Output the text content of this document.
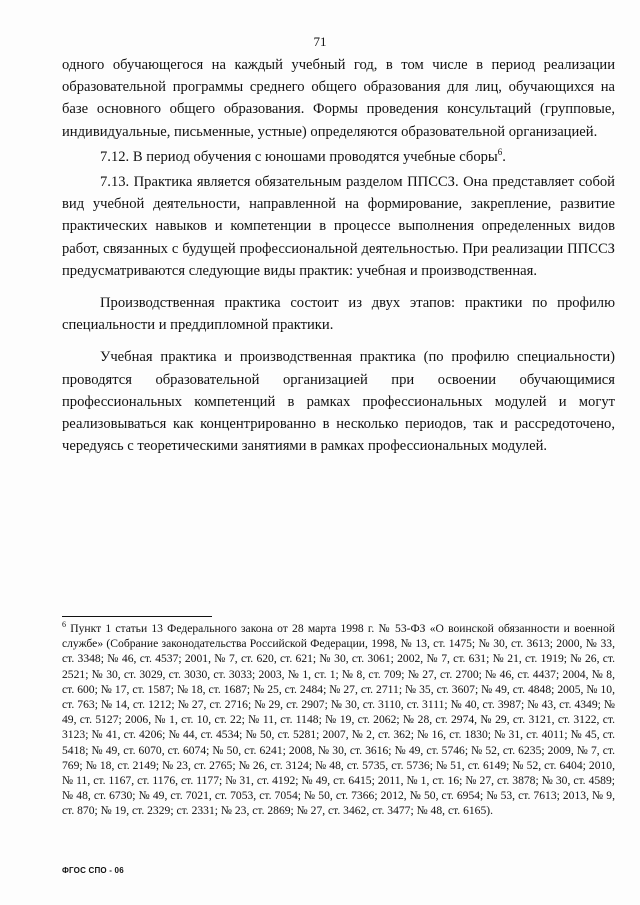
71

одного обучающегося на каждый учебный год, в том числе в период реализации образовательной программы среднего общего образования для лиц, обучающихся на базе основного общего образования. Формы проведения консультаций (групповые, индивидуальные, письменные, устные) определяются образовательной организацией.

7.12. В период обучения с юношами проводятся учебные сборы$^6$.

7.13. Практика является обязательным разделом ППССЗ. Она представляет собой вид учебной деятельности, направленной на формирование, закрепление, развитие практических навыков и компетенции в процессе выполнения определенных видов работ, связанных с будущей профессиональной деятельностью. При реализации ППССЗ предусматриваются следующие виды практик: учебная и производственная.

Производственная практика состоит из двух этапов: практики по профилю специальности и преддипломной практики.

Учебная практика и производственная практика (по профилю специальности) проводятся образовательной организацией при освоении обучающимися профессиональных компетенций в рамках профессиональных модулей и могут реализовываться как концентрированно в несколько периодов, так и рассредоточено, чередуясь с теоретическими занятиями в рамках профессиональных модулей.

$^6$ Пункт 1 статьи 13 Федерального закона от 28 марта 1998 г. № 53-ФЗ «О воинской обязанности и военной службе» (Собрание законодательства Российской Федерации, 1998, № 13, ст. 1475; № 30, ст. 3613; 2000, № 33, ст. 3348; № 46, ст. 4537; 2001, № 7, ст. 620, ст. 621; № 30, ст. 3061; 2002, № 7, ст. 631; № 21, ст. 1919; № 26, ст. 2521; № 30, ст. 3029, ст. 3030, ст. 3033; 2003, № 1, ст. 1; № 8, ст. 709; № 27, ст. 2700; № 46, ст. 4437; 2004, № 8, ст. 600; № 17, ст. 1587; № 18, ст. 1687; № 25, ст. 2484; № 27, ст. 2711; № 35, ст. 3607; № 49, ст. 4848; 2005, № 10, ст. 763; № 14, ст. 1212; № 27, ст. 2716; № 29, ст. 2907; № 30, ст. 3110, ст. 3111; № 40, ст. 3987; № 43, ст. 4349; № 49, ст. 5127; 2006, № 1, ст. 10, ст. 22; № 11, ст. 1148; № 19, ст. 2062; № 28, ст. 2974, № 29, ст. 3121, ст. 3122, ст. 3123; № 41, ст. 4206; № 44, ст. 4534; № 50, ст. 5281; 2007, № 2, ст. 362; № 16, ст. 1830; № 31, ст. 4011; № 45, ст. 5418; № 49, ст. 6070, ст. 6074; № 50, ст. 6241; 2008, № 30, ст. 3616; № 49, ст. 5746; № 52, ст. 6235; 2009, № 7, ст. 769; № 18, ст. 2149; № 23, ст. 2765; № 26, ст. 3124; № 48, ст. 5735, ст. 5736; № 51, ст. 6149; № 52, ст. 6404; 2010, № 11, ст. 1167, ст. 1176, ст. 1177; № 31, ст. 4192; № 49, ст. 6415; 2011, № 1, ст. 16; № 27, ст. 3878; № 30, ст. 4589; № 48, ст. 6730; № 49, ст. 7021, ст. 7053, ст. 7054; № 50, ст. 7366; 2012, № 50, ст. 6954; № 53, ст. 7613; 2013, № 9, ст. 870; № 19, ст. 2329; ст. 2331; № 23, ст. 2869; № 27, ст. 3462, ст. 3477; № 48, ст. 6165).
ФГОС СПО - 06
